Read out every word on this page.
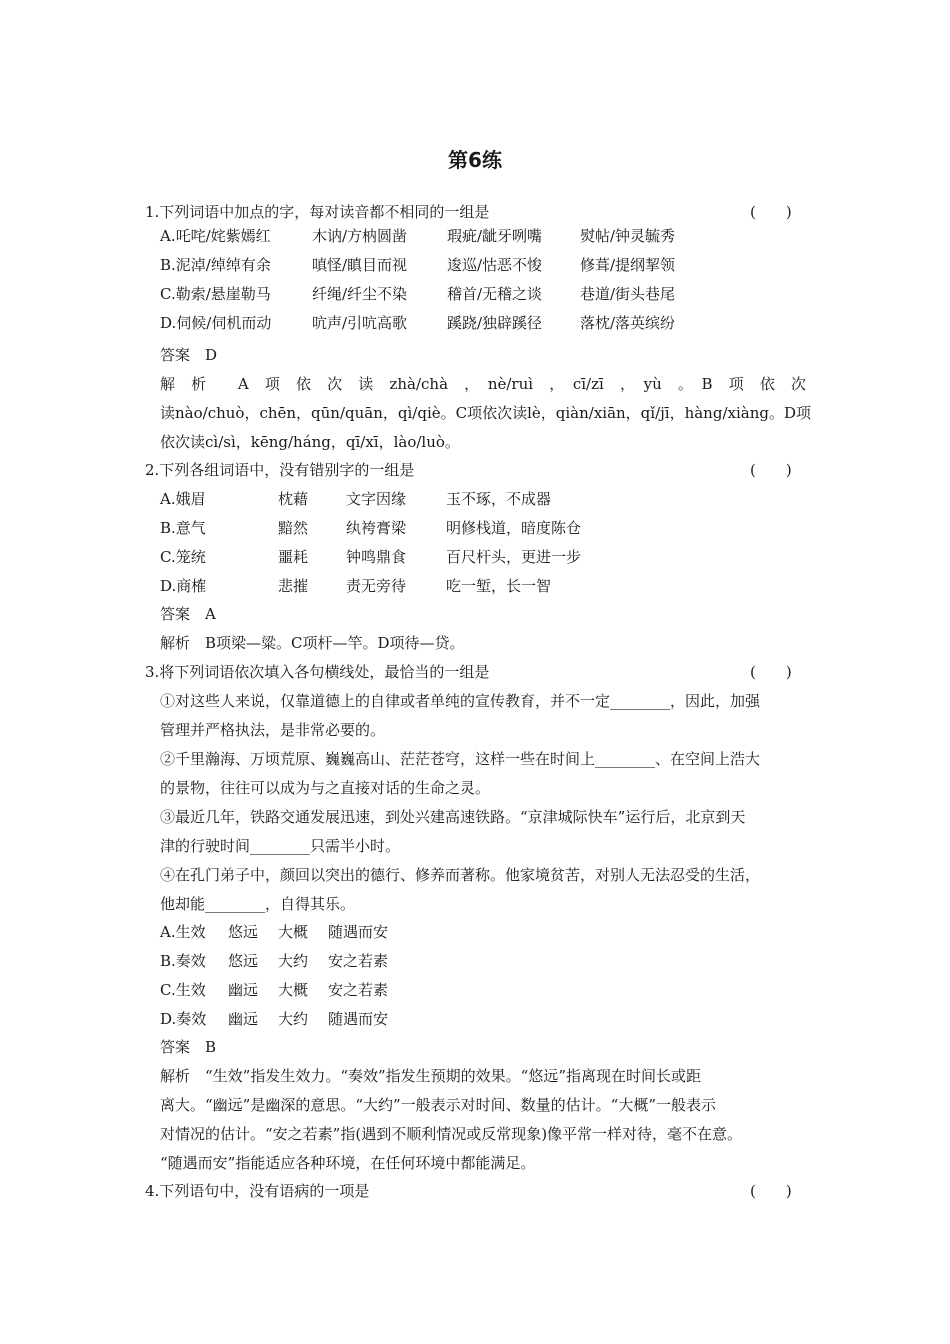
第6练
1.下列词语中加点的字，每对读音都不相同的一组是	(　　)
A.吒咤/姹紫嫣红	木讷/方枘圆凿	瑕疵/龇牙咧嘴	熨帖/钟灵毓秀
B.泥淖/绰绰有余	嗔怪/瞋目而视	逡巡/怙恶不悛	修葺/提纲挈领
C.勒索/悬崖勒马	纤绳/纤尘不染	稽首/无稽之谈	巷道/街头巷尾
D.伺候/伺机而动	吭声/引吭高歌	蹊跷/独辟蹊径	落枕/落英缤纷
答案　D
解　析　　A　项　依　次　读　zhà/chà　，　nè/ruì　，　cī/zī　，　yù　。　B　项　依　次
读nào/chuò，chēn，qūn/quān，qì/qiè。C项依次读lè，qiàn/xiān，qǐ/jī，hàng/xiàng。D项
依次读cì/sì，kēng/háng，qī/xī，lào/luò。
2.下列各组词语中，没有错别字的一组是	(　　)
A.娥眉	枕藉	文字因缘	玉不琢，不成器
B.意气	黯然	纨袴膏梁	明修栈道，暗度陈仓
C.笼统	噩耗	钟鸣鼎食	百尺杆头，更进一步
D.商榷	悲摧	责无旁待	吃一堑，长一智
答案　A
解析　B项梁—粱。C项杆—竿。D项待—贷。
3.将下列词语依次填入各句横线处，最恰当的一组是	(　　)
①对这些人来说，仅靠道德上的自律或者单纯的宣传教育，并不一定________，因此，加强
管理并严格执法，是非常必要的。
②千里瀚海、万顷荒原、巍巍高山、茫茫苍穹，这样一些在时间上________、在空间上浩大
的景物，往往可以成为与之直接对话的生命之灵。
③最近几年，铁路交通发展迅速，到处兴建高速铁路。“京津城际快车”运行后，北京到天
津的行驶时间________只需半小时。
④在孔门弟子中，颜回以突出的德行、修养而著称。他家境贫苦，对别人无法忍受的生活，
他却能________，自得其乐。
A.生效 悠远 大概 随遇而安
B.奏效 悠远 大约 安之若素
C.生效 幽远 大概 安之若素
D.奏效 幽远 大约 随遇而安
答案　B
解析　“生效”指发生效力。“奏效”指发生预期的效果。“悠远”指离现在时间长或距
离大。“幽远”是幽深的意思。“大约”一般表示对时间、数量的估计。“大概”一般表示
对情况的估计。“安之若素”指(遇到不顺利情况或反常现象)像平常一样对待，毫不在意。
“随遇而安”指能适应各种环境，在任何环境中都能满足。
4.下列语句中，没有语病的一项是	(　　)
